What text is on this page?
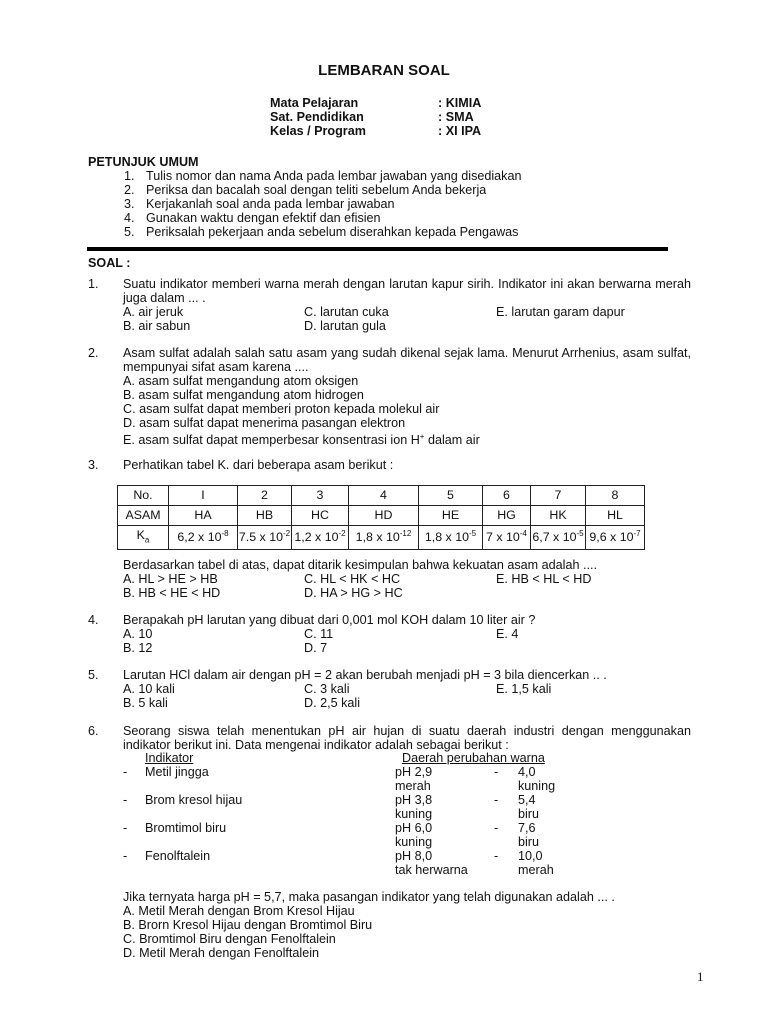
LEMBARAN SOAL
Mata Pelajaran	: KIMIA
Sat. Pendidikan	: SMA
Kelas / Program	: XI IPA
PETUNJUK UMUM
1. Tulis nomor dan nama Anda pada lembar jawaban yang disediakan
2. Periksa dan bacalah soal dengan teliti sebelum Anda bekerja
3. Kerjakanlah soal anda pada lembar jawaban
4. Gunakan waktu dengan efektif dan efisien
5. Periksalah pekerjaan anda sebelum diserahkan kepada Pengawas
SOAL :
1. Suatu indikator memberi warna merah dengan larutan kapur sirih. Indikator ini akan berwarna merah juga dalam ... .
A. air jeruk
B. air sabun
C. larutan cuka
D. larutan gula
E. larutan garam dapur
2. Asam sulfat adalah salah satu asam yang sudah dikenal sejak lama. Menurut Arrhenius, asam sulfat, mempunyai sifat asam karena ....
A. asam sulfat mengandung atom oksigen
B. asam sulfat mengandung atom hidrogen
C. asam sulfat dapat memberi proton kepada molekul air
D. asam sulfat dapat menerima pasangan elektron
E. asam sulfat dapat memperbesar konsentrasi ion H+ dalam air
3. Perhatikan tabel K. dari beberapa asam berikut :
No.	I	2	3	4	5	6	7	8
ASAM	HA	HB	HC	HD	HE	HG	HK	HL
$K_a$	6,2 x $10^{-8}$	7.5 x $10^{-2}$	1,2 x $10^{-2}$	1,8 x $10^{-12}$	1,8 x $10^{-5}$	7 x $10^{-4}$	6,7 x $10^{-5}$	9,6 x $10^{-7}$
Berdasarkan tabel di atas, dapat ditarik kesimpulan bahwa kekuatan asam adalah ....
A. HL > HE > HB
B. HB < HE < HD
C. HL < HK < HC
D. HA > HG > HC
E. HB < HL < HD
4. Berapakah pH larutan yang dibuat dari 0,001 mol KOH dalam 10 liter air ?
A. 10
B. 12
C. 11
D. 7
E. 4
5. Larutan HCl dalam air dengan pH = 2 akan berubah menjadi pH = 3 bila diencerkan .. .
A. 10 kali
B. 5 kali
C. 3 kali
D. 2,5 kali
E. 1,5 kali
6. Seorang siswa telah menentukan pH air hujan di suatu daerah industri dengan menggunakan indikator berikut ini. Data mengenai indikator adalah sebagai berikut :
Indikator	Daerah perubahan warna
- Metil jingga	pH 2,9	- 4,0
merah	kuning
- Brom kresol hijau	pH 3,8	- 5,4
kuning	biru
- Bromtimol biru	pH 6,0	- 7,6
kuning	biru
- Fenolftalein	pH 8,0	- 10,0
tak herwarna	merah
Jika ternyata harga pH = 5,7, maka pasangan indikator yang telah digunakan adalah ... .
A. Metil Merah dengan Brom Kresol Hijau
B. Brorn Kresol Hijau dengan Bromtimol Biru
C. Bromtimol Biru dengan Fenolftalein
D. Metil Merah dengan Fenolftalein
1
